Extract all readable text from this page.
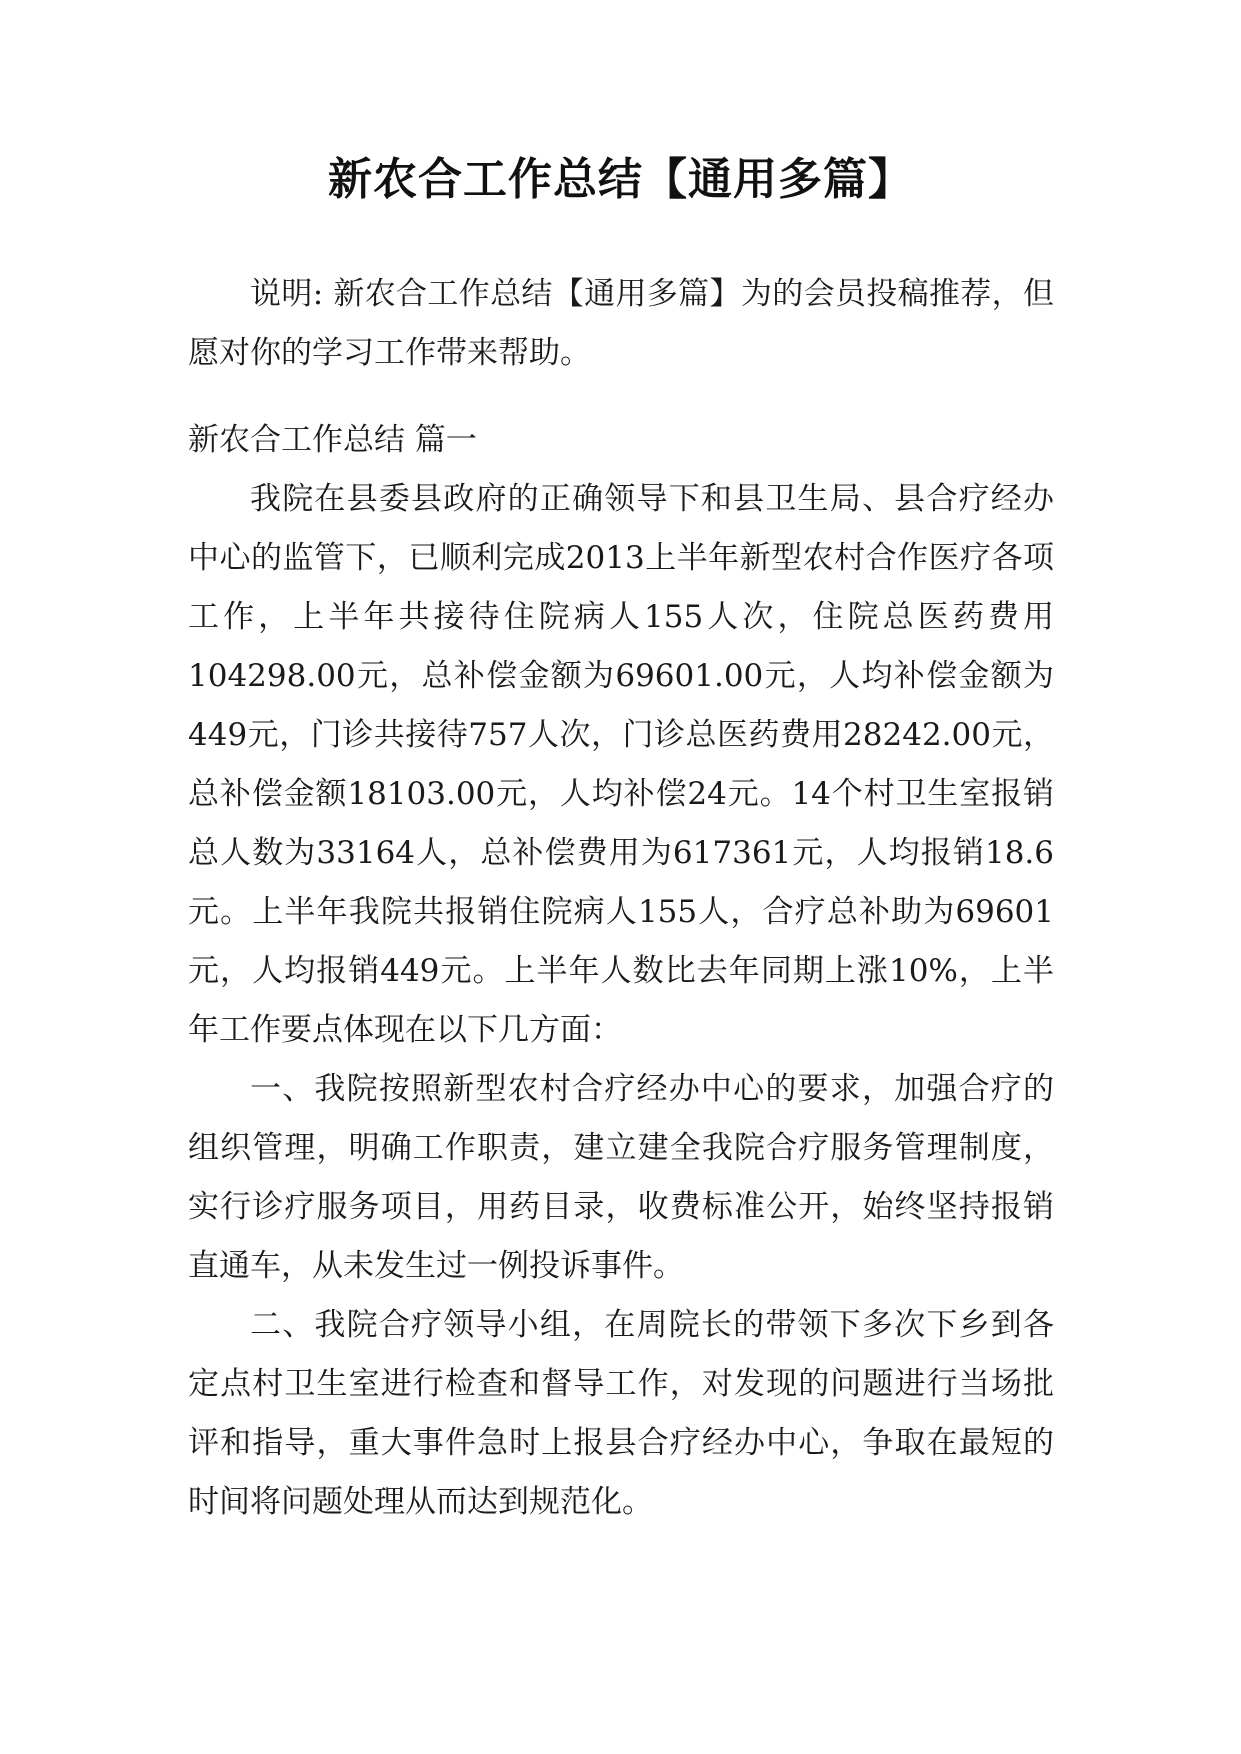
新农合工作总结【通用多篇】

说明: 新农合工作总结【通用多篇】为的会员投稿推荐，但愿对你的学习工作带来帮助。

新农合工作总结 篇一

我院在县委县政府的正确领导下和县卫生局、县合疗经办中心的监管下，已顺利完成2013上半年新型农村合作医疗各项工作，上半年共接待住院病人155人次，住院总医药费用104298.00元，总补偿金额为69601.00元，人均补偿金额为449元，门诊共接待757人次，门诊总医药费用28242.00元，总补偿金额18103.00元，人均补偿24元。14个村卫生室报销总人数为33164人，总补偿费用为617361元，人均报销18.6元。上半年我院共报销住院病人155人，合疗总补助为69601元，人均报销449元。上半年人数比去年同期上涨10%，上半年工作要点体现在以下几方面：

一、我院按照新型农村合疗经办中心的要求，加强合疗的组织管理，明确工作职责，建立建全我院合疗服务管理制度，实行诊疗服务项目，用药目录，收费标准公开，始终坚持报销直通车，从未发生过一例投诉事件。

二、我院合疗领导小组，在周院长的带领下多次下乡到各定点村卫生室进行检查和督导工作，对发现的问题进行当场批评和指导，重大事件急时上报县合疗经办中心，争取在最短的时间将问题处理从而达到规范化。
